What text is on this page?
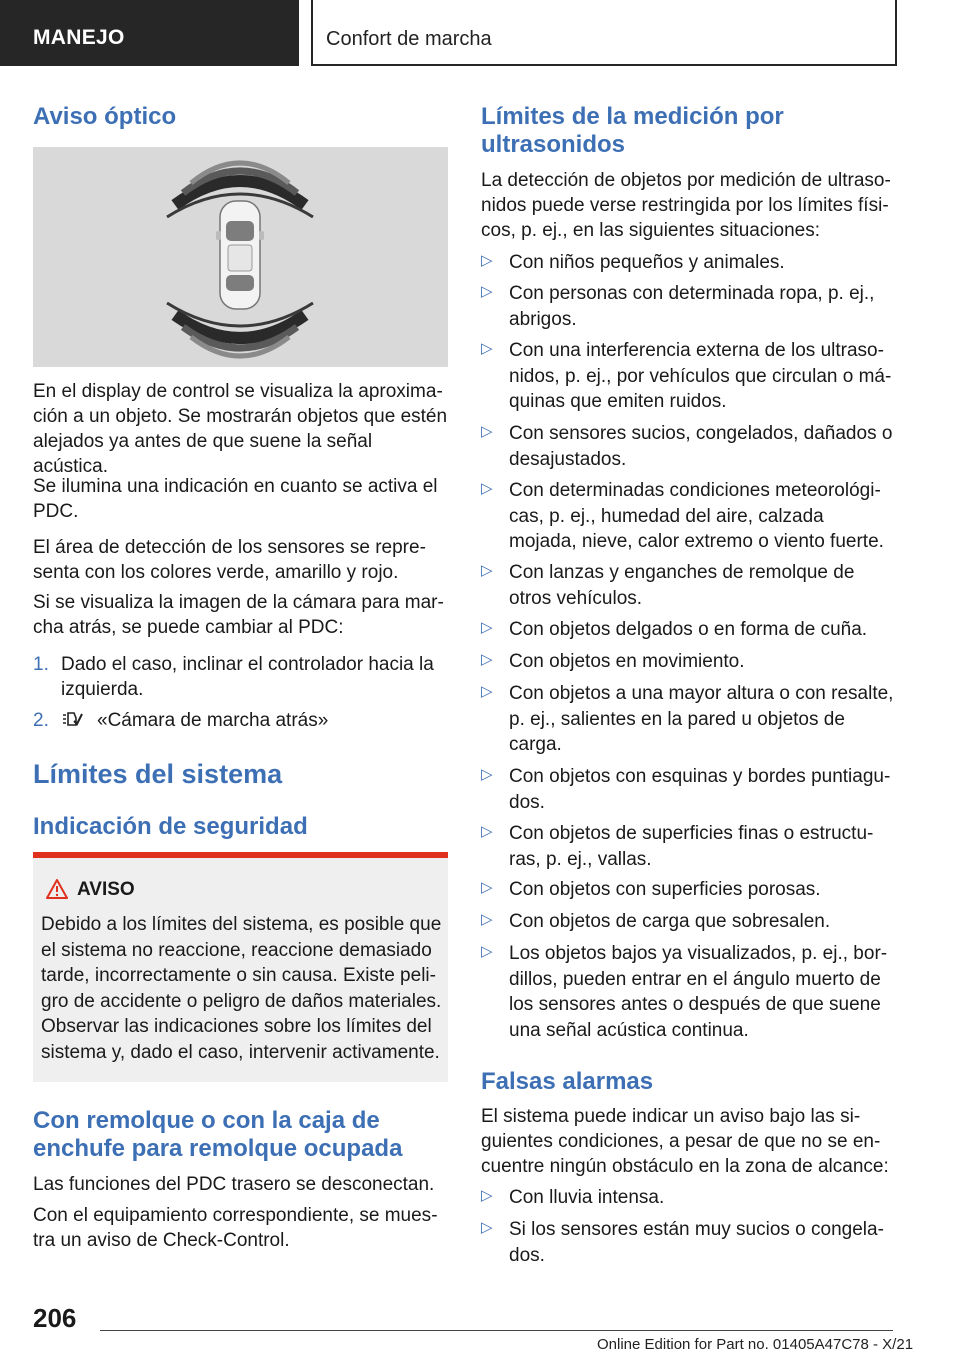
MANEJO	Confort de marcha
Aviso óptico

En el display de control se visualiza la aproximación a un objeto. Se mostrarán objetos que estén alejados ya antes de que suene la señal acústica.

Se ilumina una indicación en cuanto se activa el PDC.

El área de detección de los sensores se representa con los colores verde, amarillo y rojo.

Si se visualiza la imagen de la cámara para marcha atrás, se puede cambiar al PDC:

1. Dado el caso, inclinar el controlador hacia la izquierda.

2.	«Cámara de marcha atrás»

Límites del sistema
Indicación de seguridad
AVISO

Debido a los límites del sistema, es posible que el sistema no reaccione, reaccione demasiado tarde, incorrectamente o sin causa. Existe peligro de accidente o peligro de daños materiales. Observar las indicaciones sobre los límites del sistema y, dado el caso, intervenir activamente.

Con remolque o con la caja de enchufe para remolque ocupada

Las funciones del PDC trasero se desconectan.

Con el equipamiento correspondiente, se muestra un aviso de Check-Control.

Límites de la medición por ultrasonidos

La detección de objetos por medición de ultrasonidos puede verse restringida por los límites físicos, p. ej., en las siguientes situaciones:

▷ Con niños pequeños y animales.

▷ Con personas con determinada ropa, p. ej., abrigos.

▷ Con una interferencia externa de los ultrasonidos, p. ej., por vehículos que circulan o máquinas que emiten ruidos.

▷ Con sensores sucios, congelados, dañados o desajustados.

▷ Con determinadas condiciones meteorológicas, p. ej., humedad del aire, calzada mojada, nieve, calor extremo o viento fuerte.

▷ Con lanzas y enganches de remolque de otros vehículos.

▷ Con objetos delgados o en forma de cuña.

▷ Con objetos en movimiento.

▷ Con objetos a una mayor altura o con resalte, p. ej., salientes en la pared u objetos de carga.

▷ Con objetos con esquinas y bordes puntiagudos.

▷ Con objetos de superficies finas o estructuras, p. ej., vallas.

▷ Con objetos con superficies porosas.

▷ Con objetos de carga que sobresalen.

▷ Los objetos bajos ya visualizados, p. ej., bordillos, pueden entrar en el ángulo muerto de los sensores antes o después de que suene una señal acústica continua.

Falsas alarmas

El sistema puede indicar un aviso bajo las siguientes condiciones, a pesar de que no se encuentre ningún obstáculo en la zona de alcance:

▷ Con lluvia intensa.

▷ Si los sensores están muy sucios o congelados.

206
Online Edition for Part no. 01405A47C78 - X/21
